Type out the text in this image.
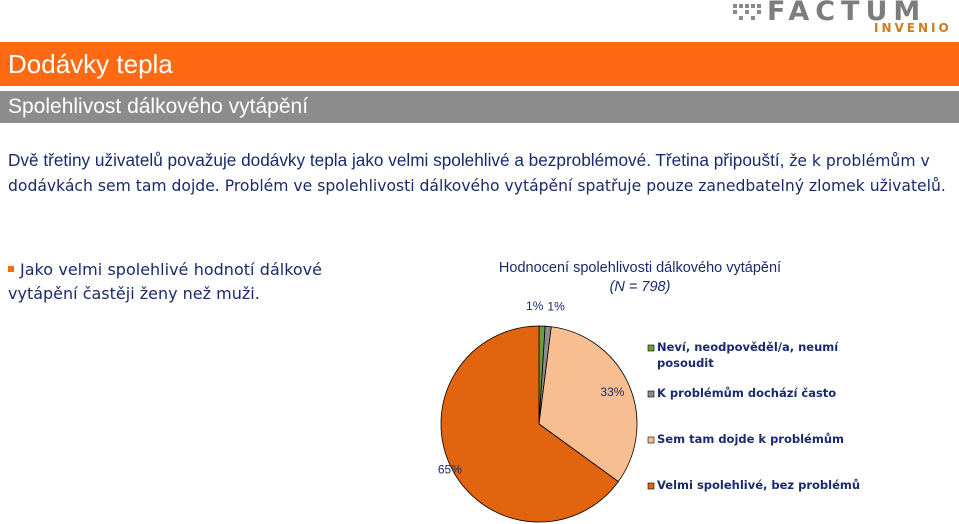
FACTUM
INVENIO
Dodávky tepla
Spolehlivost dálkového vytápění

Dvě třetiny uživatelů považuje dodávky tepla jako velmi spolehlivé a bezproblémové. Třetina připouští, že k problémům v dodávkách sem tam dojde. Problém ve spolehlivosti dálkového vytápění spatřuje pouze zanedbatelný zlomek uživatelů.

Jako velmi spolehlivé hodnotí dálkové vytápění častěji ženy než muži.
Hodnocení spolehlivosti dálkového vytápění
(N = 798)
1% 1%
33%
65%
Neví, neodpověděl/a, neumí posoudit
K problémům dochází často
Sem tam dojde k problémům
Velmi spolehlivé, bez problémů
